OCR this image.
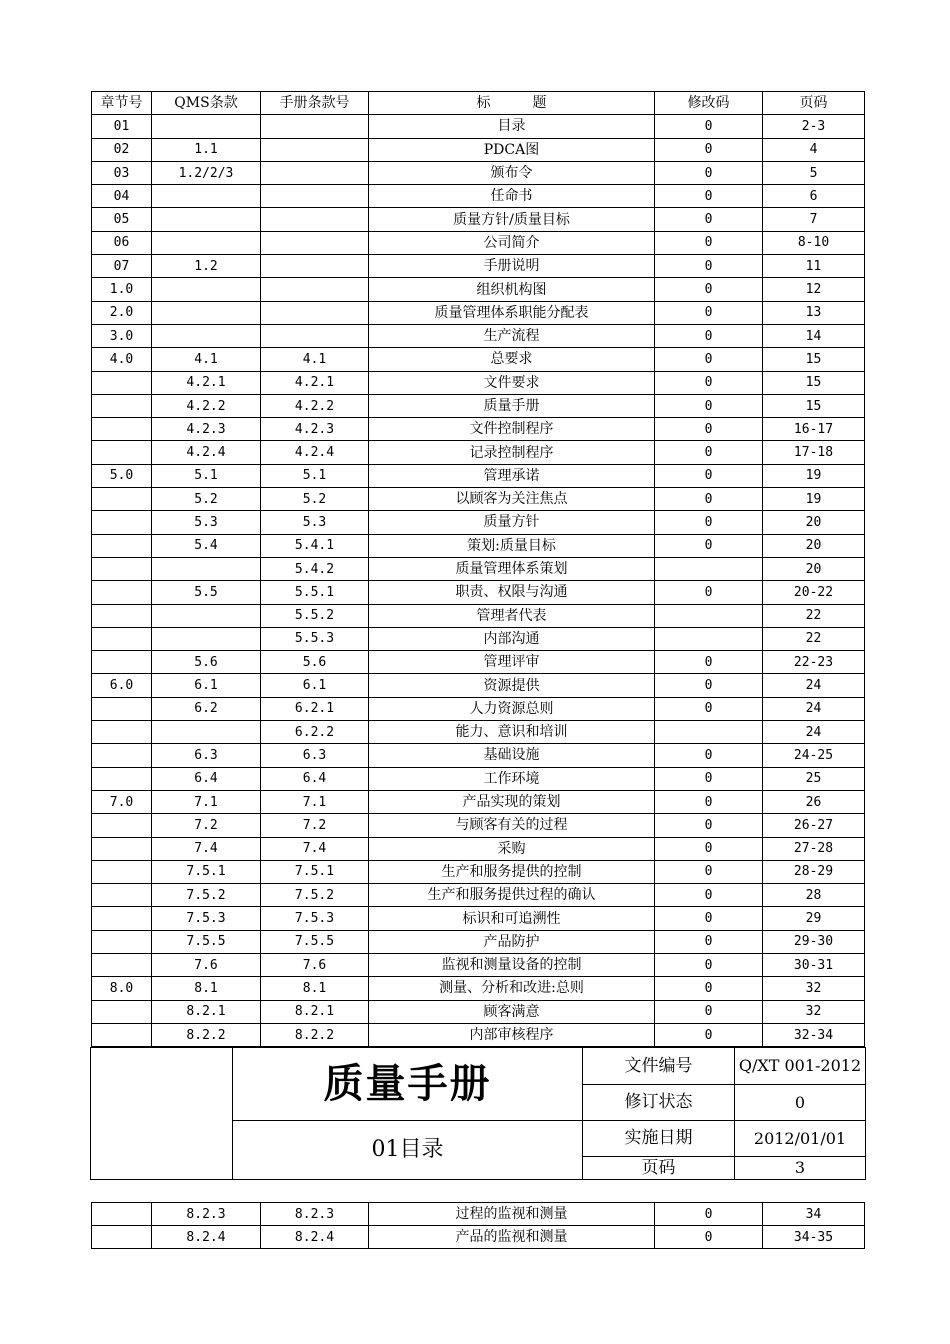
章节号	QMS条款	手册条款号	标　　　题	修改码	页码
01			目录	0	2-3
02	1.1		PDCA图	0	4
03	1.2/2/3		颁布令	0	5
04			任命书	0	6
05			质量方针/质量目标	0	7
06			公司简介	0	8-10
07	1.2		手册说明	0	11
1.0			组织机构图	0	12
2.0			质量管理体系职能分配表	0	13
3.0			生产流程	0	14
4.0	4.1	4.1	总要求	0	15
	4.2.1	4.2.1	文件要求	0	15
	4.2.2	4.2.2	质量手册	0	15
	4.2.3	4.2.3	文件控制程序	0	16-17
	4.2.4	4.2.4	记录控制程序	0	17-18
5.0	5.1	5.1	管理承诺	0	19
	5.2	5.2	以顾客为关注焦点	0	19
	5.3	5.3	质量方针	0	20
	5.4	5.4.1	策划:质量目标	0	20
		5.4.2	质量管理体系策划		20
	5.5	5.5.1	职责、权限与沟通	0	20-22
		5.5.2	管理者代表		22
		5.5.3	内部沟通		22
	5.6	5.6	管理评审	0	22-23
6.0	6.1	6.1	资源提供	0	24
	6.2	6.2.1	人力资源总则	0	24
		6.2.2	能力、意识和培训		24
	6.3	6.3	基础设施	0	24-25
	6.4	6.4	工作环境	0	25
7.0	7.1	7.1	产品实现的策划	0	26
	7.2	7.2	与顾客有关的过程	0	26-27
	7.4	7.4	采购	0	27-28
	7.5.1	7.5.1	生产和服务提供的控制	0	28-29
	7.5.2	7.5.2	生产和服务提供过程的确认	0	28
	7.5.3	7.5.3	标识和可追溯性	0	29
	7.5.5	7.5.5	产品防护	0	29-30
	7.6	7.6	监视和测量设备的控制	0	30-31
8.0	8.1	8.1	测量、分析和改进:总则	0	32
	8.2.1	8.2.1	顾客满意	0	32
	8.2.2	8.2.2	内部审核程序	0	32-34
	质量手册	文件编号	Q/XT 001-2012
		修订状态	0
	01目录	实施日期	2012/01/01
		页码	3
	8.2.3	8.2.3	过程的监视和测量	0	34
	8.2.4	8.2.4	产品的监视和测量	0	34-35
